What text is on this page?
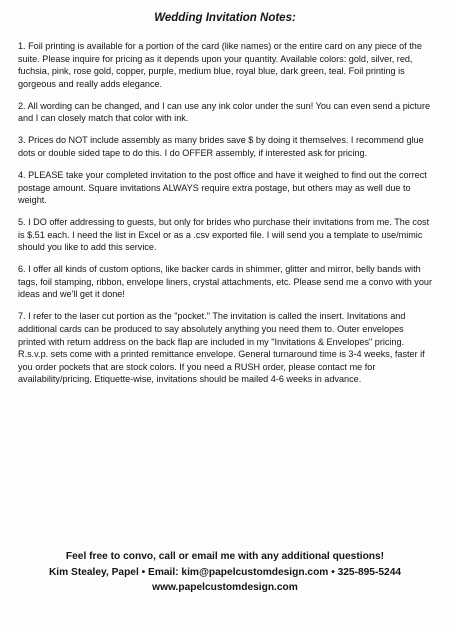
Wedding Invitation Notes:

1. Foil printing is available for a portion of the card (like names) or the entire card on any piece of the suite. Please inquire for pricing as it depends upon your quantity. Available colors: gold, silver, red, fuchsia, pink, rose gold, copper, purple, medium blue, royal blue, dark green, teal. Foil printing is gorgeous and really adds elegance.

2. All wording can be changed, and I can use any ink color under the sun! You can even send a picture and I can closely match that color with ink.

3. Prices do NOT include assembly as many brides save $ by doing it themselves. I recommend glue dots or double sided tape to do this. I do OFFER assembly, if interested ask for pricing.

4. PLEASE take your completed invitation to the post office and have it weighed to find out the correct postage amount. Square invitations ALWAYS require extra postage, but others may as well due to weight.

5. I DO offer addressing to guests, but only for brides who purchase their invitations from me. The cost is $.51 each. I need the list in Excel or as a .csv exported file. I will send you a template to use/mimic should you like to add this service.

6. I offer all kinds of custom options, like backer cards in shimmer, glitter and mirror, belly bands with tags, foil stamping, ribbon, envelope liners, crystal attachments, etc. Please send me a convo with your ideas and we'll get it done!

7. I refer to the laser cut portion as the "pocket." The invitation is called the insert. Invitations and additional cards can be produced to say absolutely anything you need them to. Outer envelopes printed with return address on the back flap are included in my "Invitations & Envelopes" pricing. R.s.v.p. sets come with a printed remittance envelope. General turnaround time is 3-4 weeks, faster if you order pockets that are stock colors. If you need a RUSH order, please contact me for availability/pricing. Etiquette-wise, invitations should be mailed 4-6 weeks in advance.

Feel free to convo, call or email me with any additional questions!
Kim Stealey, Papel • Email: kim@papelcustomdesign.com • 325-895-5244
www.papelcustomdesign.com
